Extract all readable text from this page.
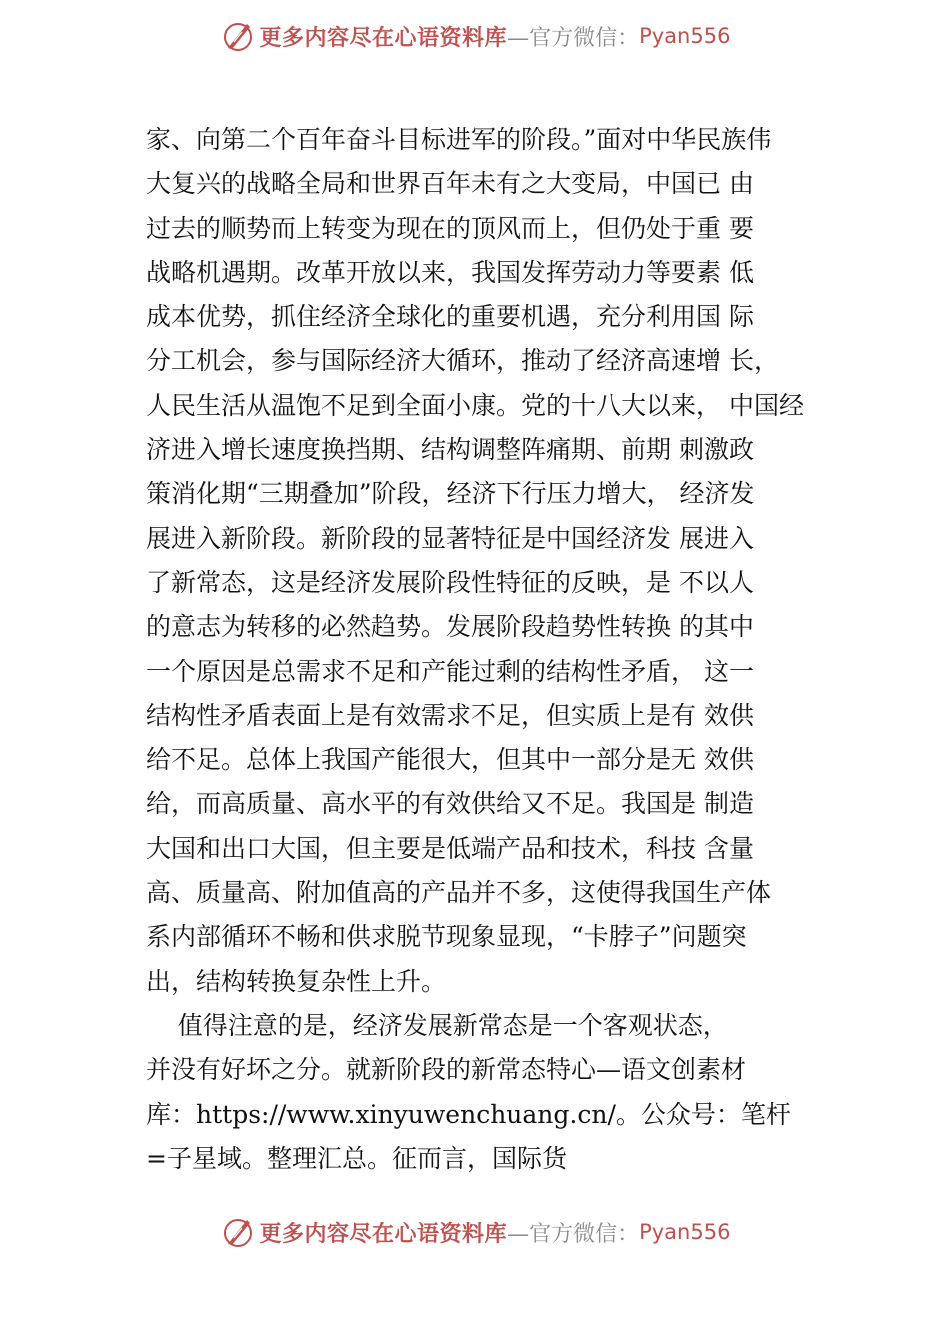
更多内容尽在心语资料库 —官方微信： Pyan556
家、向第二个百年奋斗目标进军的阶段。”面对中华民族伟
大复兴的战略全局和世界百年未有之大变局，中国已 由
过去的顺势而上转变为现在的顶风而上，但仍处于重 要
战略机遇期。改革开放以来，我国发挥劳动力等要素 低
成本优势，抓住经济全球化的重要机遇，充分利用国 际
分工机会，参与国际经济大循环，推动了经济高速增 长，
人民生活从温饱不足到全面小康。党的十八大以来， 中国经
济进入增长速度换挡期、结构调整阵痛期、前期 刺激政
策消化期“三期叠加”阶段，经济下行压力增大， 经济发
展进入新阶段。新阶段的显著特征是中国经济发 展进入
了新常态，这是经济发展阶段性特征的反映，是 不以人
的意志为转移的必然趋势。发展阶段趋势性转换 的其中
一个原因是总需求不足和产能过剩的结构性矛盾， 这一
结构性矛盾表面上是有效需求不足，但实质上是有 效供
给不足。总体上我国产能很大，但其中一部分是无 效供
给，而高质量、高水平的有效供给又不足。我国是 制造
大国和出口大国，但主要是低端产品和技术，科技 含量
高、质量高、附加值高的产品并不多，这使得我国生产体
系内部循环不畅和供求脱节现象显现，“卡脖子”问题突
出，结构转换复杂性上升。
值得注意的是，经济发展新常态是一个客观状态，
并没有好坏之分。就新阶段的新常态特心—语文创素材
库：https://www.xinyuwenchuang.cn/。公众号：笔杆
=子星域。整理汇总。征而言，国际货
更多内容尽在心语资料库 —官方微信： Pyan556
